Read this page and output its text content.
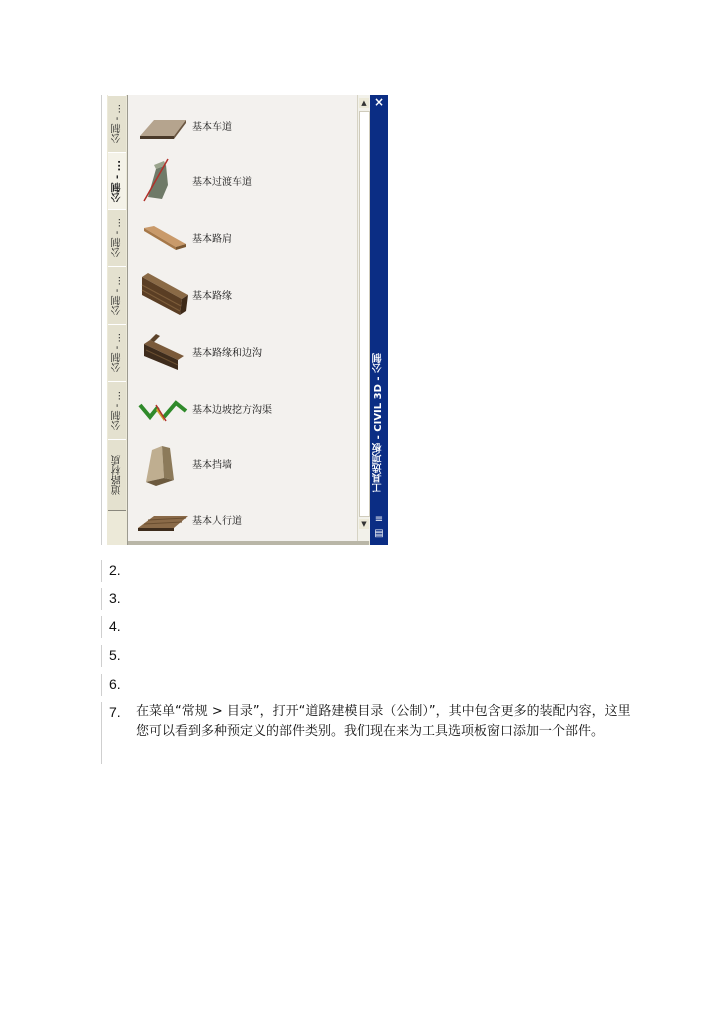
公制 - ...
公制 - ...
公制 - ...
公制 - ...
公制 - ...
公制 - ...
道路材质
基本车道
基本过渡车道
基本路肩
基本路缘
基本路缘和边沟
基本边坡挖方沟渠
基本挡墙
基本人行道
▲
▼
×
工具选项板 - CIVIL 3D - 公制
≡
▤
2.
3.
4.
5.
6.
7. 在菜单“常规 > 目录”，打开“道路建模目录（公制）”，其中包含更多的装配内容，这里您可以看到多种预定义的部件类别。我们现在来为工具选项板窗口添加一个部件。
